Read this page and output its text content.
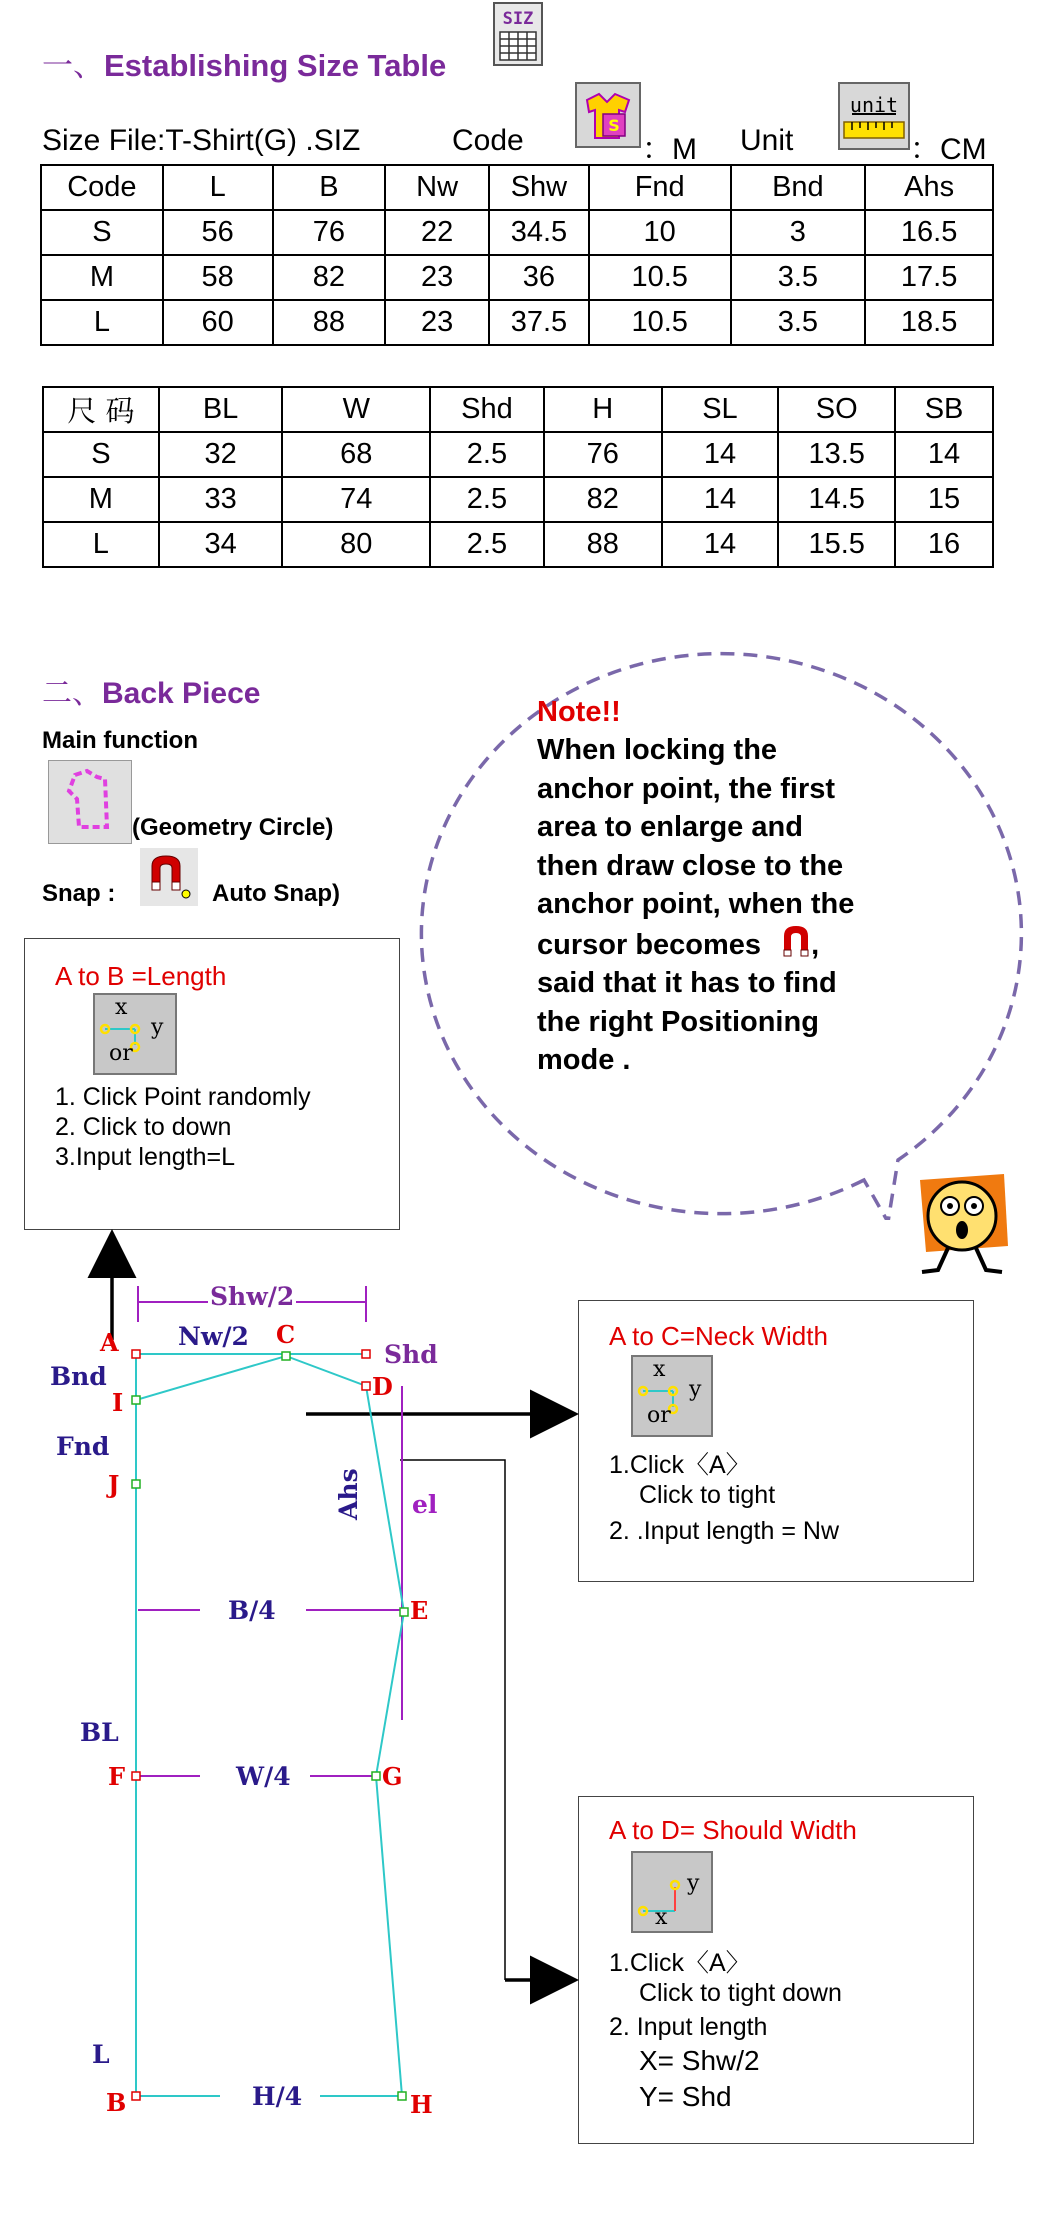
一、Establishing Size Table
SIZ
Size File:T-Shirt(G) .SIZ	Code	S
：M Unit
unit
：CM
Code	L	B	Nw	Shw	Fnd	Bnd	Ahs
S	56	76	22	34.5	10	3	16.5
M	58	82	23	36	10.5	3.5	17.5
L	60	88	23	37.5	10.5	3.5	18.5
尺 码	BL	W	Shd	H	SL	SO	SB
S	32	68	2.5	76	14	13.5	14
M	33	74	2.5	82	14	14.5	15
L	34	80	2.5	88	14	15.5	16
二、Back Piece
Main function
(Geometry Circle)
Snap :	Auto Snap)
Note!!
When locking the
anchor point, the first
area to enlarge and
then draw close to the
anchor point, when the
cursor becomes ,
said that it has to find
the right Positioning
mode .
A to B =Length
x
y
or
1. Click Point randomly
2. Click to down
3.Input length=L
A to C=Neck Width
x
y
or
1.Click〈A〉
Click to tight
2. .Input length = Nw
A to D= Should Width
y
x
1.Click〈A〉
Click to tight down
2. Input length
X= Shw/2
Y= Shd
A
B
C
D
E
F	G
H
I
J
Shw/2
Nw/2
Shd
Bnd
Fnd
Ahs el
B/4
BL
W/4
L
H/4
